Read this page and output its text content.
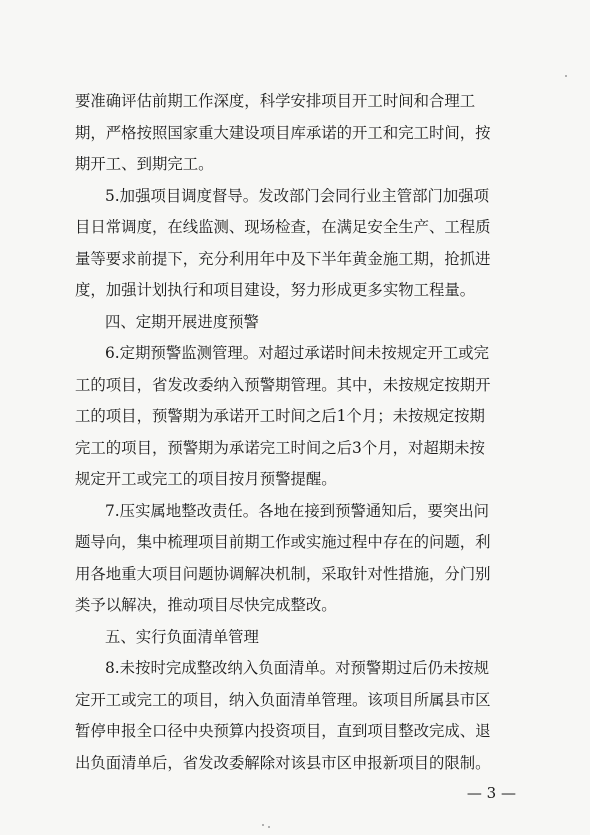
要准确评估前期工作深度，科学安排项目开工时间和合理工
期，严格按照国家重大建设项目库承诺的开工和完工时间，按
期开工、到期完工。
5.加强项目调度督导。发改部门会同行业主管部门加强项
目日常调度，在线监测、现场检查，在满足安全生产、工程质
量等要求前提下，充分利用年中及下半年黄金施工期，抢抓进
度，加强计划执行和项目建设，努力形成更多实物工程量。
四、定期开展进度预警
6.定期预警监测管理。对超过承诺时间未按规定开工或完
工的项目，省发改委纳入预警期管理。其中，未按规定按期开
工的项目，预警期为承诺开工时间之后1个月；未按规定按期
完工的项目，预警期为承诺完工时间之后3个月，对超期未按
规定开工或完工的项目按月预警提醒。
7.压实属地整改责任。各地在接到预警通知后，要突出问
题导向，集中梳理项目前期工作或实施过程中存在的问题，利
用各地重大项目问题协调解决机制，采取针对性措施，分门别
类予以解决，推动项目尽快完成整改。
五、实行负面清单管理
8.未按时完成整改纳入负面清单。对预警期过后仍未按规
定开工或完工的项目，纳入负面清单管理。该项目所属县市区
暂停申报全口径中央预算内投资项目，直到项目整改完成、退
出负面清单后，省发改委解除对该县市区申报新项目的限制。
— 3 —
